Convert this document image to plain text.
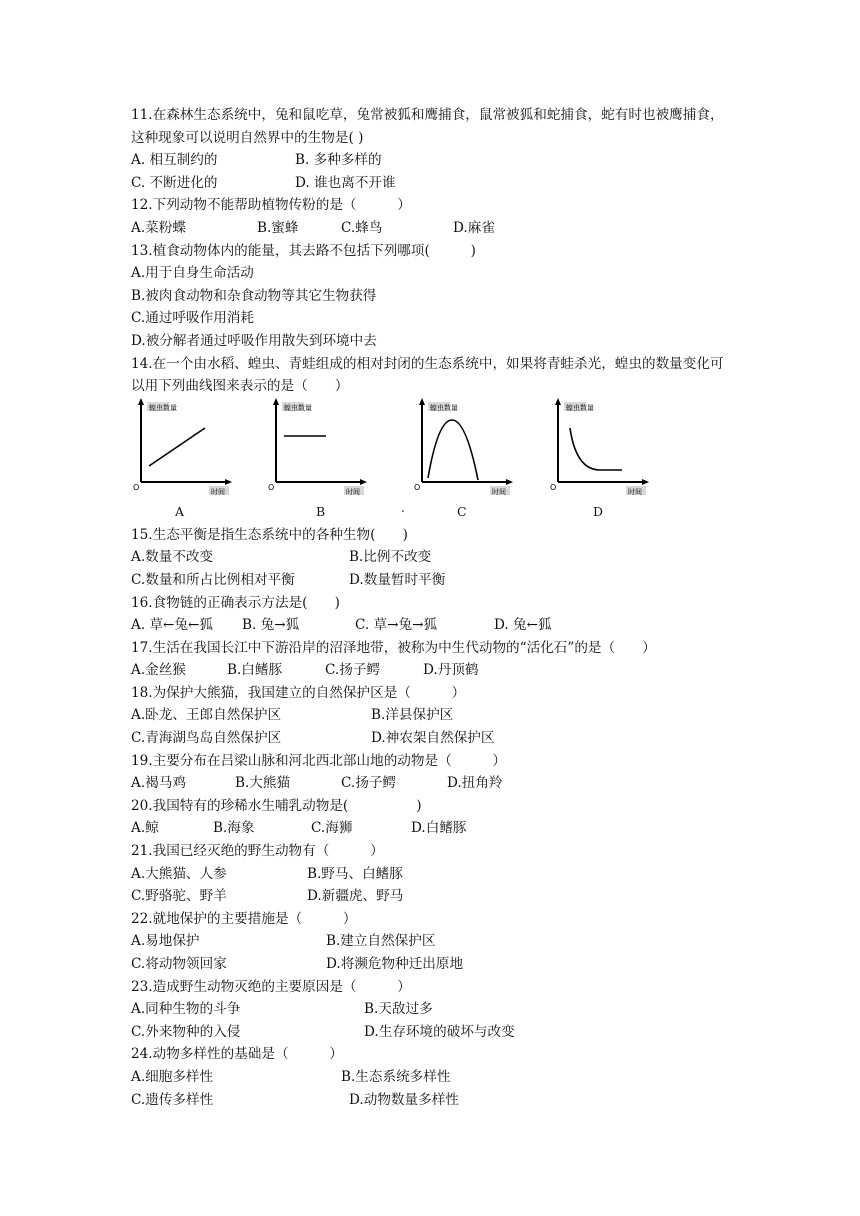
11.在森林生态系统中，兔和鼠吃草，兔常被狐和鹰捕食，鼠常被狐和蛇捕食，蛇有时也被鹰捕食，这种现象可以说明自然界中的生物是( )
A. 相互制约的	B. 多种多样的
C. 不断进化的	D. 谁也离不开谁
12.下列动物不能帮助植物传粉的是（　　　）
A.菜粉蝶	B.蜜蜂	C.蜂鸟	D.麻雀
13.植食动物体内的能量，其去路不包括下列哪项(　　　)
A.用于自身生命活动
B.被肉食动物和杂食动物等其它生物获得
C.通过呼吸作用消耗
D.被分解者通过呼吸作用散失到环境中去
14.在一个由水稻、蝗虫、青蛙组成的相对封闭的生态系统中，如果将青蛙杀光，蝗虫的数量变化可以用下列曲线图来表示的是（　　）
蝗虫数量
时间
O
A
蝗虫数量
时间
O
B	.
蝗虫数量
时间
O
C
蝗虫数量
时间
O
D
15.生态平衡是指生态系统中的各种生物(　　)
A.数量不改变	B.比例不改变
C.数量和所占比例相对平衡	D.数量暂时平衡
16.食物链的正确表示方法是(　　)
A. 草←兔←狐	B. 兔→狐	C. 草→兔→狐	D. 兔←狐
17.生活在我国长江中下游沿岸的沼泽地带，被称为中生代动物的“活化石”的是（　　）
A.金丝猴	B.白鳍豚	C.扬子鳄	D.丹顶鹤
18.为保护大熊猫，我国建立的自然保护区是（　　　）
A.卧龙、王郎自然保护区	B.洋县保护区
C.青海湖鸟岛自然保护区	D.神农架自然保护区
19.主要分布在吕梁山脉和河北西北部山地的动物是（　　　）
A.褐马鸡	B.大熊猫	C.扬子鳄	D.扭角羚
20.我国特有的珍稀水生哺乳动物是(　　　　　)
A.鲸	B.海象	C.海狮	D.白鳍豚
21.我国已经灭绝的野生动物有（　　　）
A.大熊猫、人参	B.野马、白鳍豚
C.野骆驼、野羊	D.新疆虎、野马
22.就地保护的主要措施是（　　　）
A.易地保护	B.建立自然保护区
C.将动物领回家	D.将濒危物种迁出原地
23.造成野生动物灭绝的主要原因是（　　　）
A.同种生物的斗争	B.天敌过多
C.外来物种的入侵	D.生存环境的破坏与改变
24.动物多样性的基础是（　　　）
A.细胞多样性	B.生态系统多样性
C.遗传多样性	D.动物数量多样性
